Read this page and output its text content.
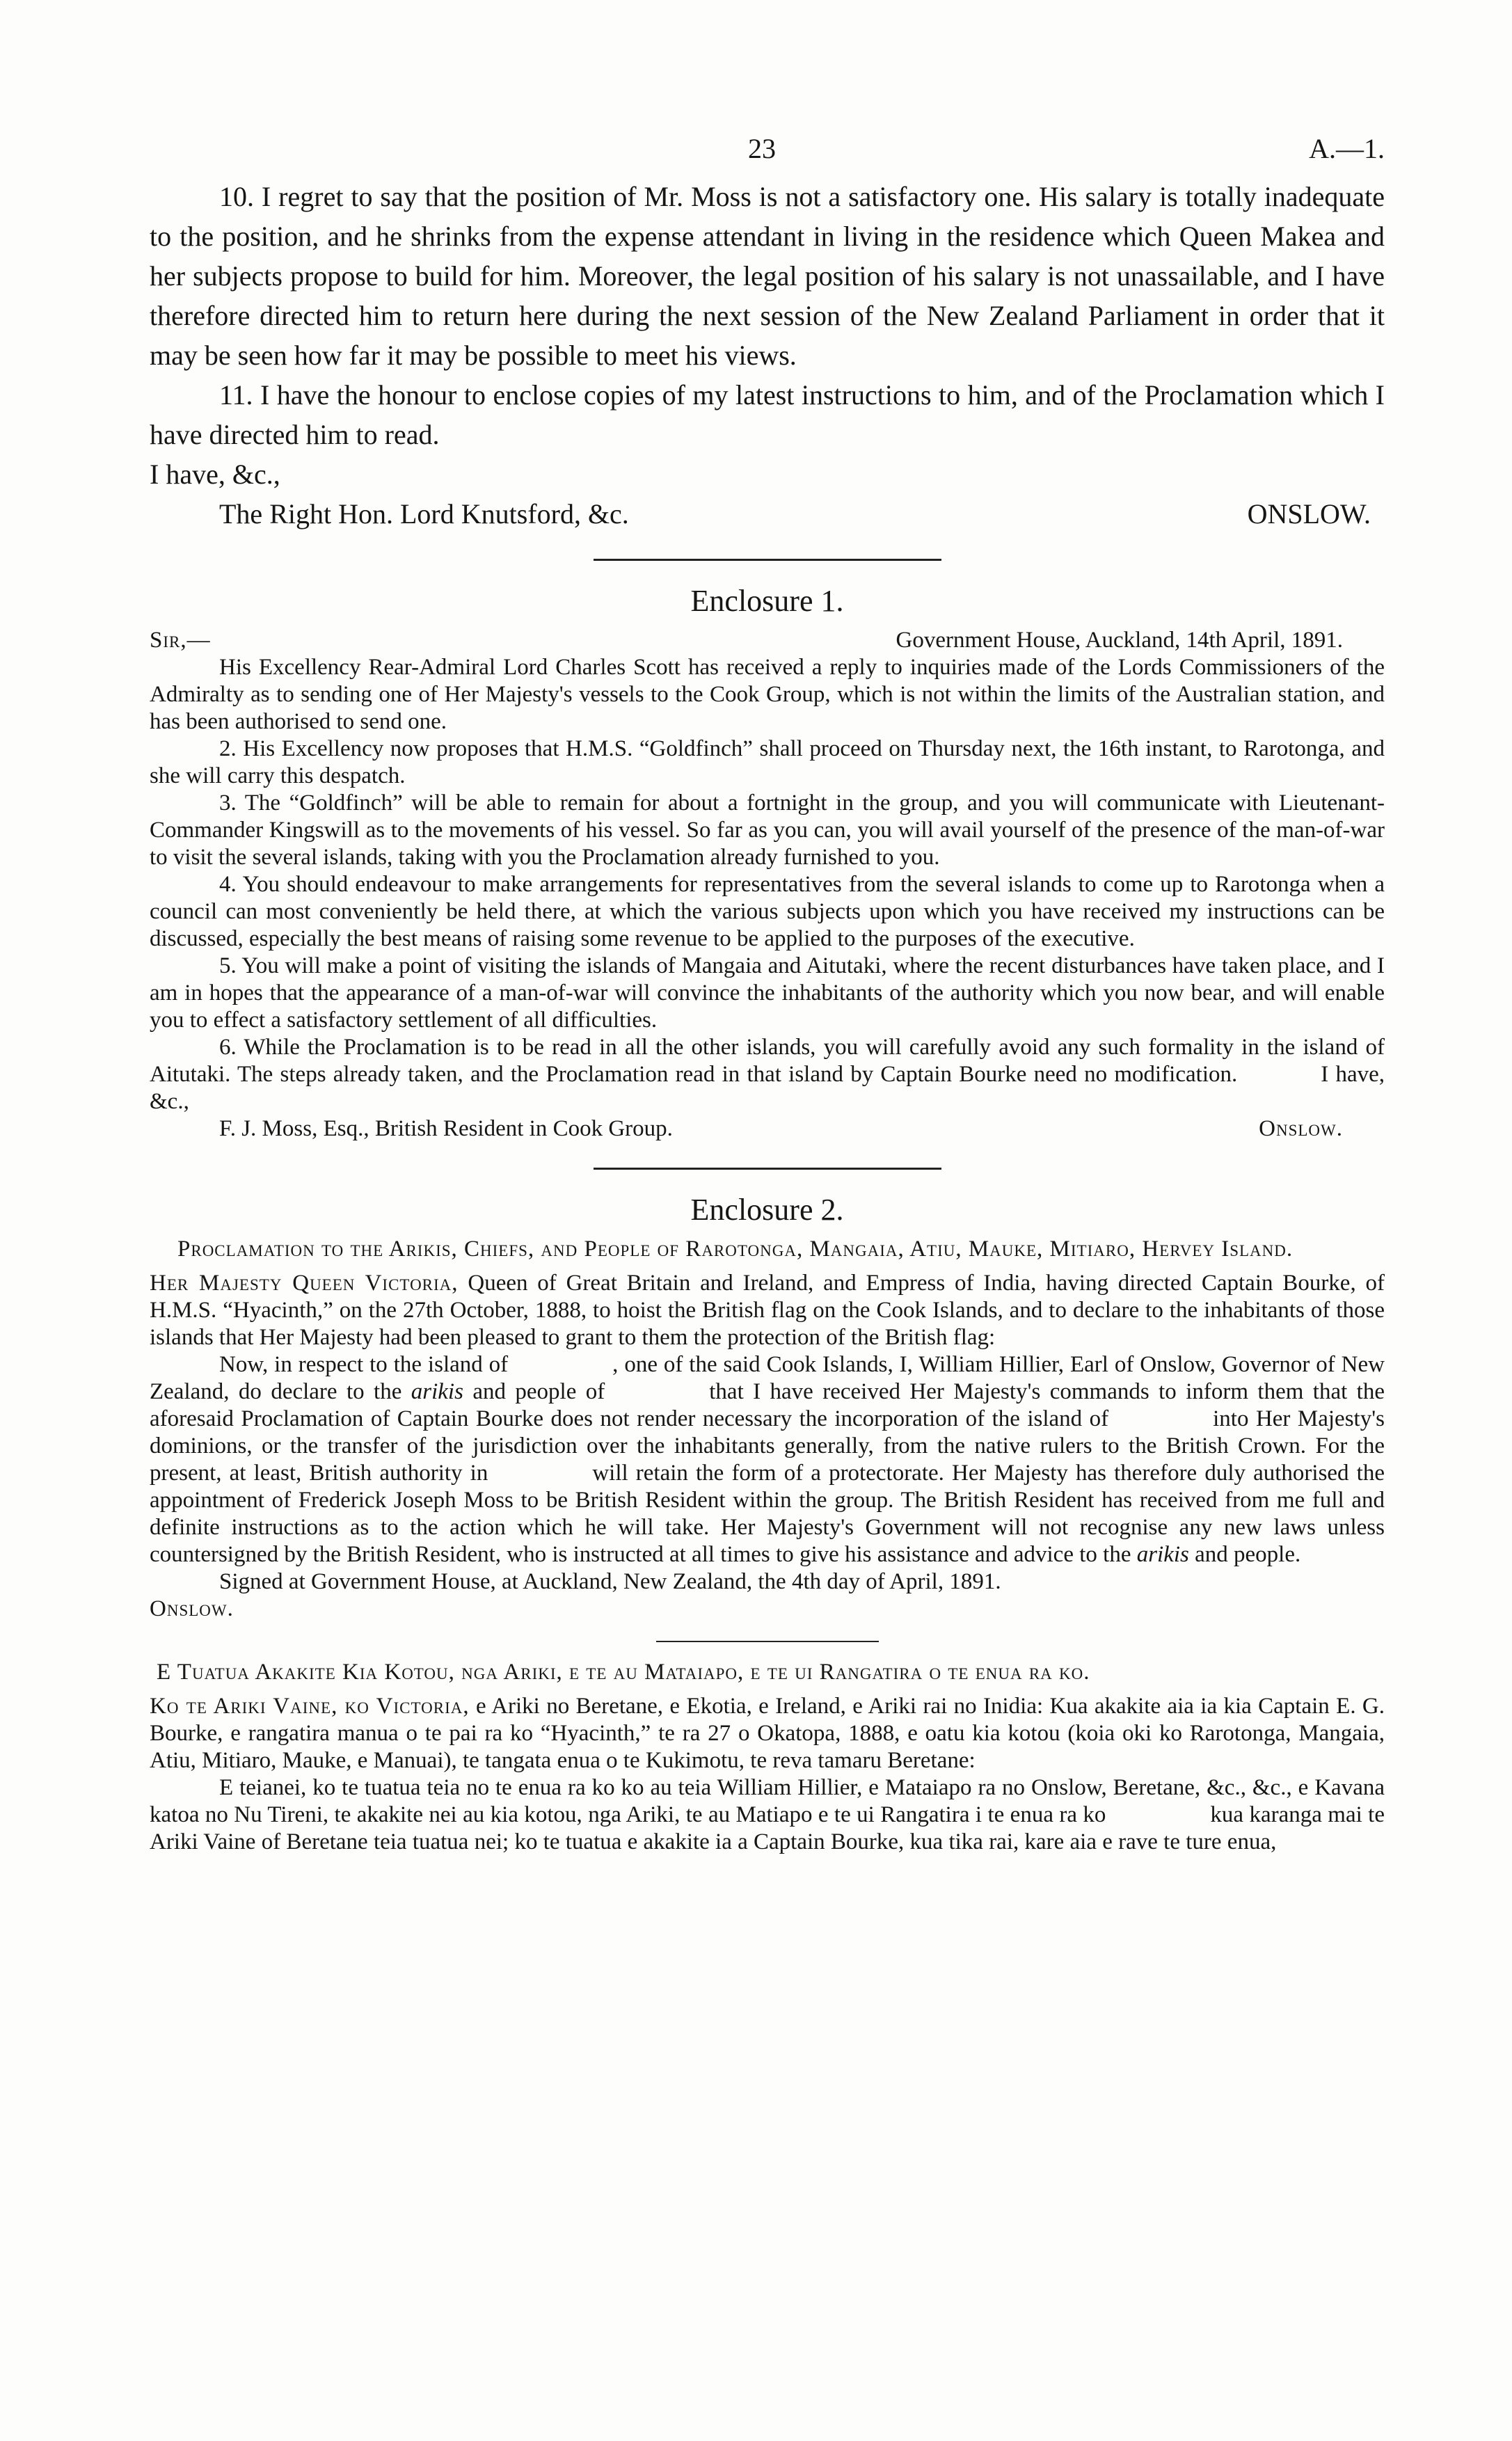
23	A.—1.

10. I regret to say that the position of Mr. Moss is not a satisfactory one. His salary is totally inadequate to the position, and he shrinks from the expense attendant in living in the residence which Queen Makea and her subjects propose to build for him. Moreover, the legal position of his salary is not unassailable, and I have therefore directed him to return here during the next session of the New Zealand Parliament in order that it may be seen how far it may be possible to meet his views.

11. I have the honour to enclose copies of my latest instructions to him, and of the Proclamation which I have directed him to read.

I have, &c.,

The Right Hon. Lord Knutsford, &c.	ONSLOW.

Enclosure 1.

Sir,—	Government House, Auckland, 14th April, 1891.

His Excellency Rear-Admiral Lord Charles Scott has received a reply to inquiries made of the Lords Commissioners of the Admiralty as to sending one of Her Majesty's vessels to the Cook Group, which is not within the limits of the Australian station, and has been authorised to send one.

2. His Excellency now proposes that H.M.S. “Goldfinch” shall proceed on Thursday next, the 16th instant, to Rarotonga, and she will carry this despatch.

3. The “Goldfinch” will be able to remain for about a fortnight in the group, and you will communicate with Lieutenant-Commander Kingswill as to the movements of his vessel. So far as you can, you will avail yourself of the presence of the man-of-war to visit the several islands, taking with you the Proclamation already furnished to you.

4. You should endeavour to make arrangements for representatives from the several islands to come up to Rarotonga when a council can most conveniently be held there, at which the various subjects upon which you have received my instructions can be discussed, especially the best means of raising some revenue to be applied to the purposes of the executive.

5. You will make a point of visiting the islands of Mangaia and Aitutaki, where the recent disturbances have taken place, and I am in hopes that the appearance of a man-of-war will convince the inhabitants of the authority which you now bear, and will enable you to effect a satisfactory settlement of all difficulties.

6. While the Proclamation is to be read in all the other islands, you will carefully avoid any such formality in the island of Aitutaki. The steps already taken, and the Proclamation read in that island by Captain Bourke need no modification.	I have, &c.,

F. J. Moss, Esq., British Resident in Cook Group.	Onslow.

Enclosure 2.

Proclamation to the Arikis, Chiefs, and People of Rarotonga, Mangaia, Atiu, Mauke, Mitiaro, Hervey Island.

Her Majesty Queen Victoria, Queen of Great Britain and Ireland, and Empress of India, having directed Captain Bourke, of H.M.S. “Hyacinth,” on the 27th October, 1888, to hoist the British flag on the Cook Islands, and to declare to the inhabitants of those islands that Her Majesty had been pleased to grant to them the protection of the British flag:

Now, in respect to the island of	, one of the said Cook Islands, I, William Hillier, Earl of Onslow, Governor of New Zealand, do declare to the arikis and people of	that I have received Her Majesty's commands to inform them that the aforesaid Proclamation of Captain Bourke does not render necessary the incorporation of the island of	into Her Majesty's dominions, or the transfer of the jurisdiction over the inhabitants generally, from the native rulers to the British Crown. For the present, at least, British authority in	will retain the form of a protectorate. Her Majesty has therefore duly authorised the appointment of Frederick Joseph Moss to be British Resident within the group. The British Resident has received from me full and definite instructions as to the action which he will take. Her Majesty's Government will not recognise any new laws unless countersigned by the British Resident, who is instructed at all times to give his assistance and advice to the arikis and people.

Signed at Government House, at Auckland, New Zealand, the 4th day of April, 1891.

Onslow.

E Tuatua Akakite Kia Kotou, nga Ariki, e te au Mataiapo, e te ui Rangatira o te enua ra ko.

Ko te Ariki Vaine, ko Victoria, e Ariki no Beretane, e Ekotia, e Ireland, e Ariki rai no Inidia: Kua akakite aia ia kia Captain E. G. Bourke, e rangatira manua o te pai ra ko “Hyacinth,” te ra 27 o Okatopa, 1888, e oatu kia kotou (koia oki ko Rarotonga, Mangaia, Atiu, Mitiaro, Mauke, e Manuai), te tangata enua o te Kukimotu, te reva tamaru Beretane:

E teianei, ko te tuatua teia no te enua ra ko ko au teia William Hillier, e Mataiapo ra no Onslow, Beretane, &c., &c., e Kavana katoa no Nu Tireni, te akakite nei au kia kotou, nga Ariki, te au Matiapo e te ui Rangatira i te enua ra ko	kua karanga mai te Ariki Vaine of Beretane teia tuatua nei; ko te tuatua e akakite ia a Captain Bourke, kua tika rai, kare aia e rave te ture enua,
